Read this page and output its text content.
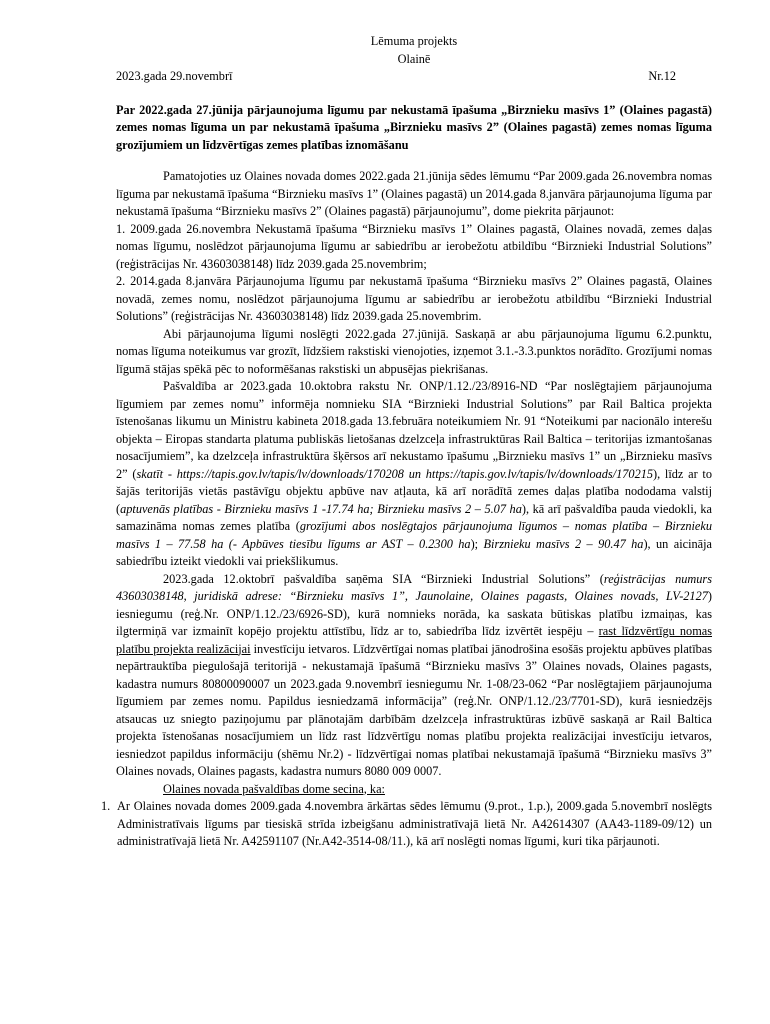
Lēmuma projekts
Olainē
2023.gada 29.novembrī	Nr.12
Par 2022.gada 27.jūnija pārjaunojuma līgumu par nekustamā īpašuma „Birznieku masīvs 1” (Olaines pagastā) zemes nomas līguma un par nekustamā īpašuma „Birznieku masīvs 2” (Olaines pagastā) zemes nomas līguma grozījumiem un līdzvērtīgas zemes platības iznomāšanu

Pamatojoties uz Olaines novada domes 2022.gada 21.jūnija sēdes lēmumu “Par 2009.gada 26.novembra nomas līguma par nekustamā īpašuma “Birznieku masīvs 1” (Olaines pagastā) un 2014.gada 8.janvāra pārjaunojuma līguma par nekustamā īpašuma “Birznieku masīvs 2” (Olaines pagastā) pārjaunojumu”, dome piekrita pārjaunot:

1. 2009.gada 26.novembra Nekustamā īpašuma “Birznieku masīvs 1” Olaines pagastā, Olaines novadā, zemes daļas nomas līgumu, noslēdzot pārjaunojuma līgumu ar sabiedrību ar ierobežotu atbildību “Birznieki Industrial Solutions” (reģistrācijas Nr. 43603038148) līdz 2039.gada 25.novembrim;

2. 2014.gada 8.janvāra Pārjaunojuma līgumu par nekustamā īpašuma “Birznieku masīvs 2” Olaines pagastā, Olaines novadā, zemes nomu, noslēdzot pārjaunojuma līgumu ar sabiedrību ar ierobežotu atbildību “Birznieki Industrial Solutions” (reģistrācijas Nr. 43603038148) līdz 2039.gada 25.novembrim.

Abi pārjaunojuma līgumi noslēgti 2022.gada 27.jūnijā. Saskaņā ar abu pārjaunojuma līgumu 6.2.punktu, nomas līguma noteikumus var grozīt, līdzšiem rakstiski vienojoties, izņemot 3.1.-3.3.punktos norādīto. Grozījumi nomas līgumā stājas spēkā pēc to noformēšanas rakstiski un abpusējas piekrišanas.

Pašvaldība ar 2023.gada 10.oktobra rakstu Nr. ONP/1.12./23/8916-ND “Par noslēgtajiem pārjaunojuma līgumiem par zemes nomu” informēja nomnieku SIA “Birznieki Industrial Solutions” par Rail Baltica projekta īstenošanas likumu un Ministru kabineta 2018.gada 13.februāra noteikumiem Nr. 91 “Noteikumi par nacionālo interešu objekta – Eiropas standarta platuma publiskās lietošanas dzelzceļa infrastruktūras Rail Baltica – teritorijas izmantošanas nosacījumiem”, ka dzelzceļa infrastruktūra šķērsos arī nekustamo īpašumu „Birznieku masīvs 1” un „Birznieku masīvs 2” (skatīt - https://tapis.gov.lv/tapis/lv/downloads/170208 un https://tapis.gov.lv/tapis/lv/downloads/170215), līdz ar to šajās teritorijās vietās pastāvīgu objektu apbūve nav atļauta, kā arī norādītā zemes daļas platība nododama valstij (aptuvenās platības - Birznieku masīvs 1 -17.74 ha; Birznieku masīvs 2 – 5.07 ha), kā arī pašvaldība pauda viedokli, ka samazināma nomas zemes platība (grozījumi abos noslēgtajos pārjaunojuma līgumos – nomas platība – Birznieku masīvs 1 – 77.58 ha (- Apbūves tiesību līgums ar AST – 0.2300 ha); Birznieku masīvs 2 – 90.47 ha), un aicināja sabiedrību izteikt viedokli vai priekšlikumus.

2023.gada 12.oktobrī pašvaldība saņēma SIA “Birznieki Industrial Solutions” (reģistrācijas numurs 43603038148, juridiskā adrese: “Birznieku masīvs 1”, Jaunolaine, Olaines pagasts, Olaines novads, LV-2127) iesniegumu (reģ.Nr. ONP/1.12./23/6926-SD), kurā nomnieks norāda, ka saskata būtiskas platību izmaiņas, kas ilgtermiņā var izmainīt kopējo projektu attīstību, līdz ar to, sabiedrība līdz izvērtēt iespēju – rast līdzvērtīgu nomas platību projekta realizācijai investīciju ietvaros. Līdzvērtīgai nomas platībai jānodrošina esošās projektu apbūves platības nepārtrauktība piegulošajā teritorijā - nekustamajā īpašumā “Birznieku masīvs 3” Olaines novads, Olaines pagasts, kadastra numurs 80800090007 un 2023.gada 9.novembrī iesniegumu Nr. 1-08/23-062 “Par noslēgtajiem pārjaunojuma līgumiem par zemes nomu. Papildus iesniedzamā informācija” (reģ.Nr. ONP/1.12./23/7701-SD), kurā iesniedzējs atsaucas uz sniegto paziņojumu par plānotajām darbībām dzelzceļa infrastruktūras izbūvē saskaņā ar Rail Baltica projekta īstenošanas nosacījumiem un līdz rast līdzvērtīgu nomas platību projekta realizācijai investīciju ietvaros, iesniedzot papildus informāciju (shēmu Nr.2) - līdzvērtīgai nomas platībai nekustamajā īpašumā “Birznieku masīvs 3” Olaines novads, Olaines pagasts, kadastra numurs 8080 009 0007.

Olaines novada pašvaldības dome secina, ka:

1. Ar Olaines novada domes 2009.gada 4.novembra ārkārtas sēdes lēmumu (9.prot., 1.p.), 2009.gada 5.novembrī noslēgts Administratīvais līgums par tiesiskā strīda izbeigšanu administratīvajā lietā Nr. A42614307 (AA43-1189-09/12) un administratīvajā lietā Nr. A42591107 (Nr.A42-3514-08/11.), kā arī noslēgti nomas līgumi, kuri tika pārjaunoti.
